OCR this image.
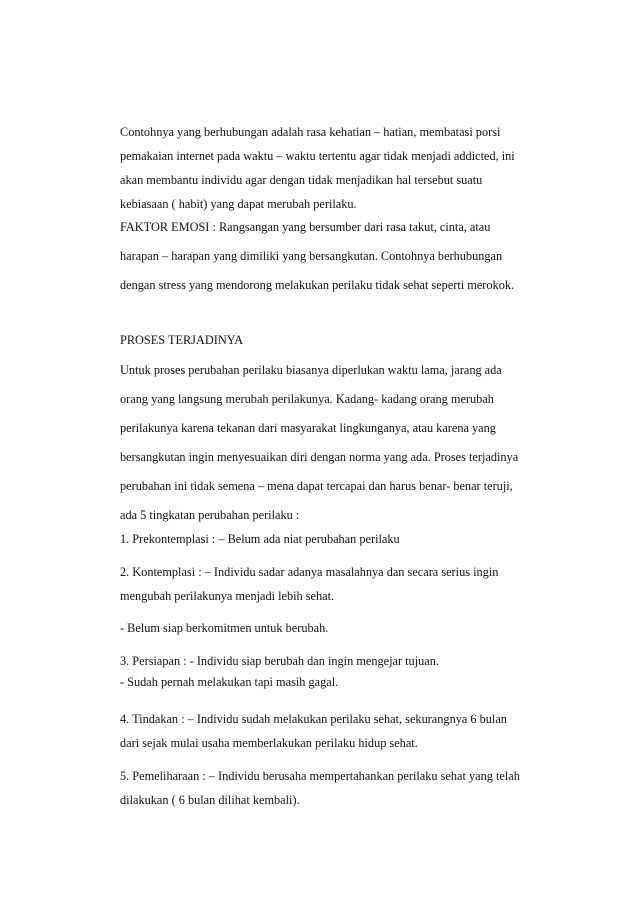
Contohnya yang berhubungan adalah rasa kehatian – hatian, membatasi porsi
pemakaian internet pada waktu – waktu tertentu agar tidak menjadi addicted, ini
akan membantu individu agar dengan tidak menjadikan hal tersebut suatu
kebiasaan ( habit) yang dapat merubah perilaku.

FAKTOR EMOSI : Rangsangan yang bersumber dari rasa takut, cinta, atau
harapan – harapan yang dimiliki yang bersangkutan. Contohnya berhubungan
dengan stress yang mendorong melakukan perilaku tidak sehat seperti merokok.

PROSES TERJADINYA

Untuk proses perubahan perilaku biasanya diperlukan waktu lama, jarang ada
orang yang langsung merubah perilakunya. Kadang- kadang orang merubah
perilakunya karena tekanan dari masyarakat lingkunganya, atau karena yang
bersangkutan ingin menyesuaikan diri dengan norma yang ada. Proses terjadinya
perubahan ini tidak semena – mena dapat tercapai dan harus benar- benar teruji,
ada 5 tingkatan perubahan perilaku :

1. Prekontemplasi : – Belum ada niat perubahan perilaku

2. Kontemplasi : – Individu sadar adanya masalahnya dan secara serius ingin
mengubah perilakunya menjadi lebih sehat.

- Belum siap berkomitmen untuk berubah.

3. Persiapan : - Individu siap berubah dan ingin mengejar tujuan.
- Sudah pernah melakukan tapi masih gagal.

4. Tindakan : – Individu sudah melakukan perilaku sehat, sekurangnya 6 bulan
dari sejak mulai usaha memberlakukan perilaku hidup sehat.

5. Pemeliharaan : – Individu berusaha mempertahankan perilaku sehat yang telah
dilakukan ( 6 bulan dilihat kembali).
